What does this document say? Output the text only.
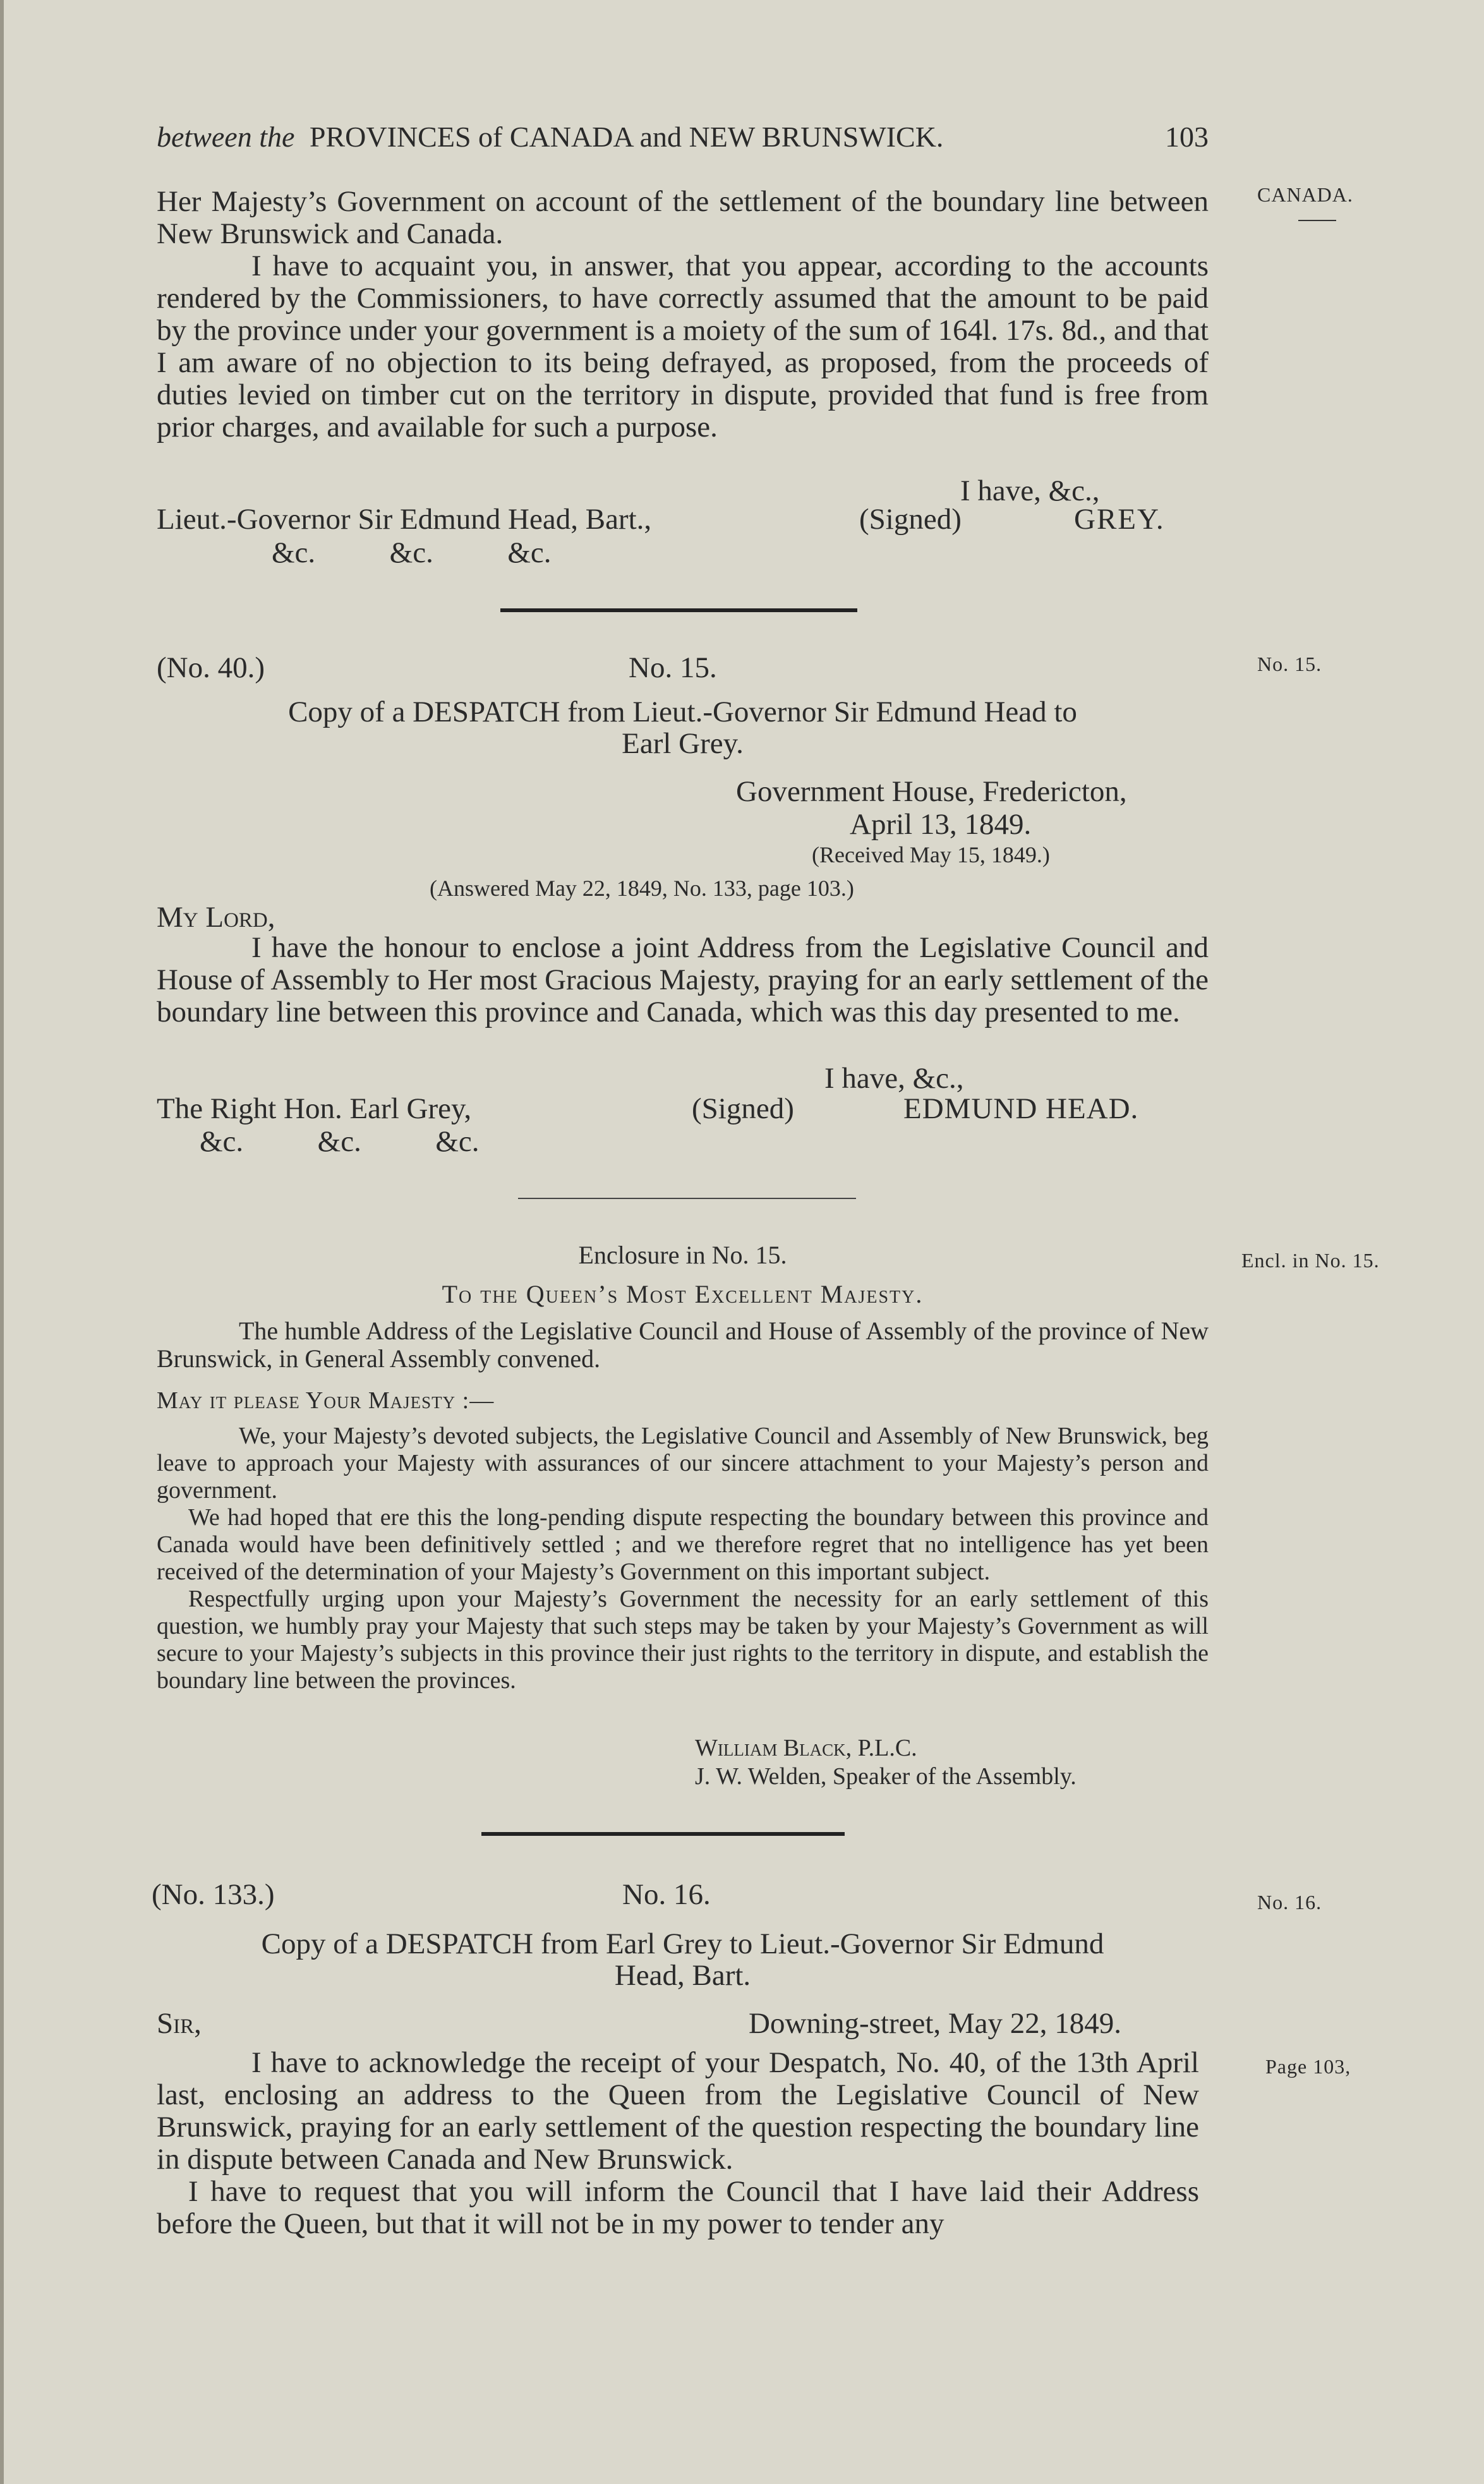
between the PROVINCES of CANADA and NEW BRUNSWICK.	103
CANADA.
No. 15.
Encl. in No. 15.
No. 16.
Page 103,

Her Majesty’s Government on account of the settlement of the boundary line between New Brunswick and Canada.

I have to acquaint you, in answer, that you appear, according to the accounts rendered by the Commissioners, to have correctly assumed that the amount to be paid by the province under your government is a moiety of the sum of 164l. 17s. 8d., and that I am aware of no objection to its being defrayed, as proposed, from the proceeds of duties levied on timber cut on the territory in dispute, provided that fund is free from prior charges, and available for such a purpose.

I have, &c.,
Lieut.-Governor Sir Edmund Head, Bart.,	(Signed)	GREY.
&c.          &c.          &c.
(No. 40.)	No. 15.
Copy of a DESPATCH from Lieut.-Governor Sir Edmund Head to
Earl Grey.
Government House, Fredericton,
April 13, 1849.
(Received May 15, 1849.)
(Answered May 22, 1849, No. 133, page 103.)
My Lord,

I have the honour to enclose a joint Address from the Legislative Council and House of Assembly to Her most Gracious Majesty, praying for an early settlement of the boundary line between this province and Canada, which was this day presented to me.

I have, &c.,
The Right Hon. Earl Grey,	(Signed)	EDMUND HEAD.
&c.          &c.          &c.
Enclosure in No. 15.
To the Queen’s Most Excellent Majesty.

The humble Address of the Legislative Council and House of Assembly of the province of New Brunswick, in General Assembly convened.

May it please Your Majesty :—

We, your Majesty’s devoted subjects, the Legislative Council and Assembly of New Brunswick, beg leave to approach your Majesty with assurances of our sincere attachment to your Majesty’s person and government.

We had hoped that ere this the long-pending dispute respecting the boundary between this province and Canada would have been definitively settled ; and we therefore regret that no intelligence has yet been received of the determination of your Majesty’s Government on this important subject.

Respectfully urging upon your Majesty’s Government the necessity for an early settlement of this question, we humbly pray your Majesty that such steps may be taken by your Majesty’s Government as will secure to your Majesty’s subjects in this province their just rights to the territory in dispute, and establish the boundary line between the provinces.

William Black, P.L.C.
J. W. Welden, Speaker of the Assembly.
(No. 133.)	No. 16.
Copy of a DESPATCH from Earl Grey to Lieut.-Governor Sir Edmund
Head, Bart.
Sir,	Downing-street, May 22, 1849.

I have to acknowledge the receipt of your Despatch, No. 40, of the 13th April last, enclosing an address to the Queen from the Legislative Council of New Brunswick, praying for an early settlement of the question respecting the boundary line in dispute between Canada and New Brunswick.

I have to request that you will inform the Council that I have laid their Address before the Queen, but that it will not be in my power to tender any
